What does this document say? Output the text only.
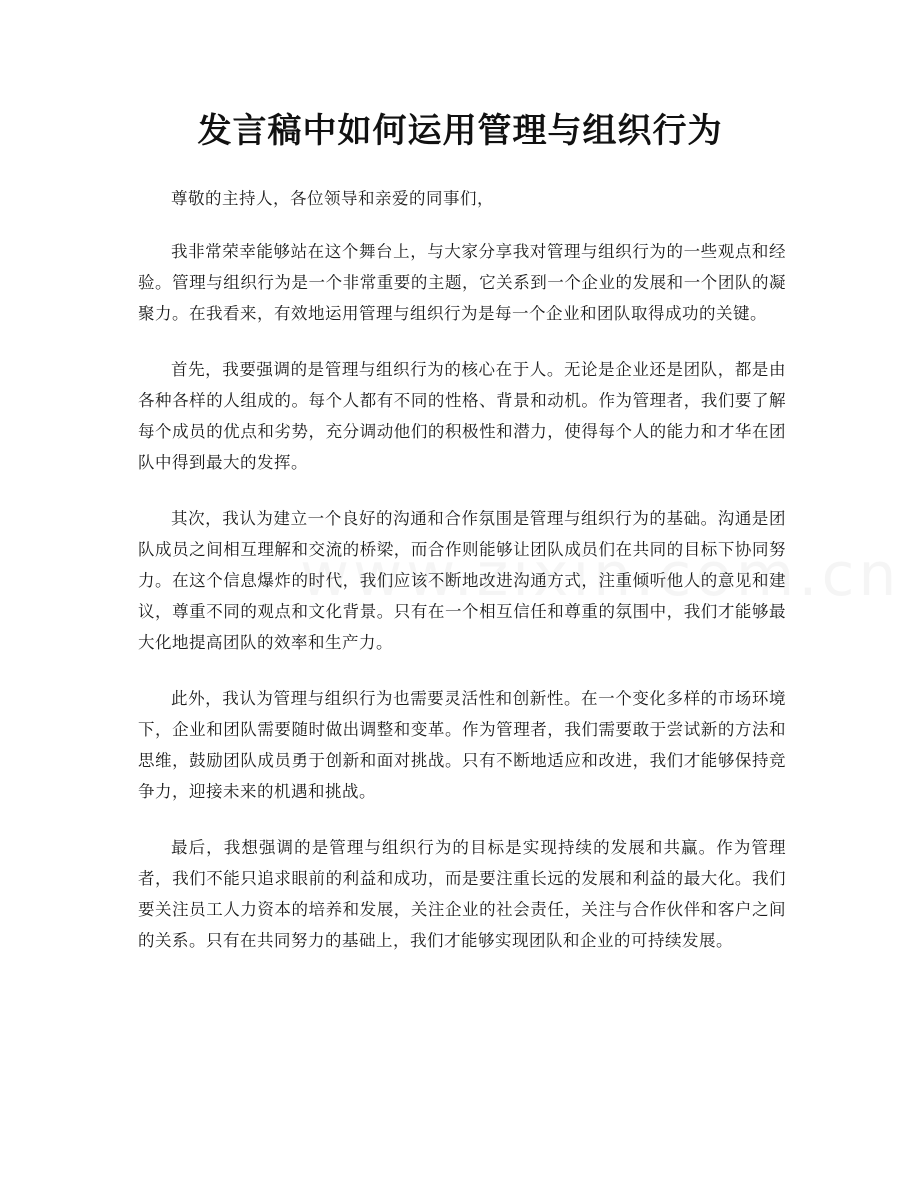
发言稿中如何运用管理与组织行为

尊敬的主持人，各位领导和亲爱的同事们，

我非常荣幸能够站在这个舞台上，与大家分享我对管理与组织行为的一些观点和经验。管理与组织行为是一个非常重要的主题，它关系到一个企业的发展和一个团队的凝聚力。在我看来，有效地运用管理与组织行为是每一个企业和团队取得成功的关键。

首先，我要强调的是管理与组织行为的核心在于人。无论是企业还是团队，都是由各种各样的人组成的。每个人都有不同的性格、背景和动机。作为管理者，我们要了解每个成员的优点和劣势，充分调动他们的积极性和潜力，使得每个人的能力和才华在团队中得到最大的发挥。

其次，我认为建立一个良好的沟通和合作氛围是管理与组织行为的基础。沟通是团队成员之间相互理解和交流的桥梁，而合作则能够让团队成员们在共同的目标下协同努力。在这个信息爆炸的时代，我们应该不断地改进沟通方式，注重倾听他人的意见和建议，尊重不同的观点和文化背景。只有在一个相互信任和尊重的氛围中，我们才能够最大化地提高团队的效率和生产力。

此外，我认为管理与组织行为也需要灵活性和创新性。在一个变化多样的市场环境下，企业和团队需要随时做出调整和变革。作为管理者，我们需要敢于尝试新的方法和思维，鼓励团队成员勇于创新和面对挑战。只有不断地适应和改进，我们才能够保持竞争力，迎接未来的机遇和挑战。

最后，我想强调的是管理与组织行为的目标是实现持续的发展和共赢。作为管理者，我们不能只追求眼前的利益和成功，而是要注重长远的发展和利益的最大化。我们要关注员工人力资本的培养和发展，关注企业的社会责任，关注与合作伙伴和客户之间的关系。只有在共同努力的基础上，我们才能够实现团队和企业的可持续发展。
